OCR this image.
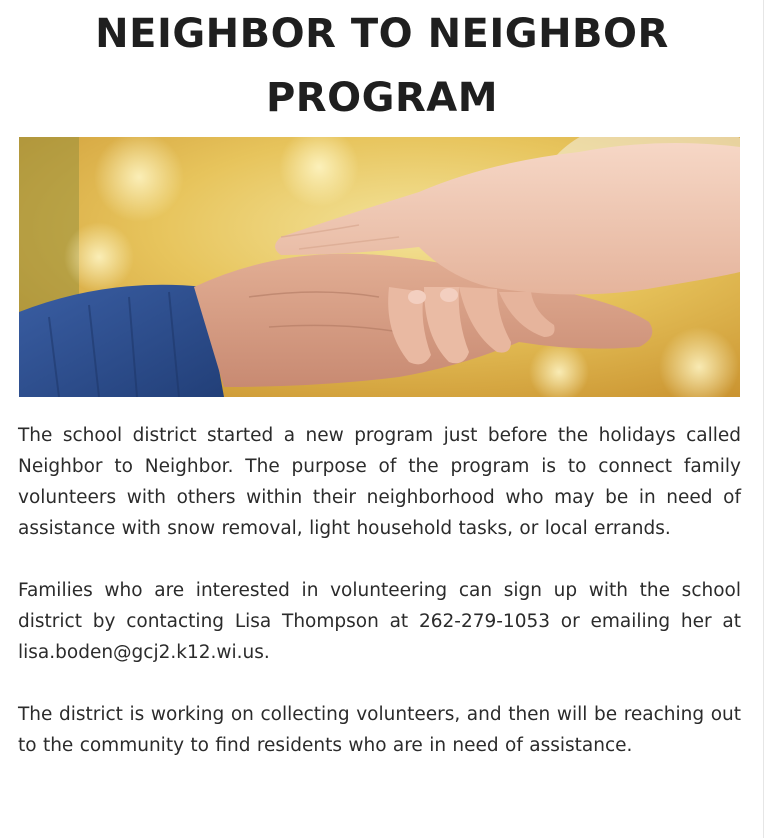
NEIGHBOR TO NEIGHBOR
PROGRAM

The school district started a new program just before the holidays called Neighbor to Neighbor. The purpose of the program is to connect family volunteers with others within their neighborhood who may be in need of assistance with snow removal, light household tasks, or local errands.

Families who are interested in volunteering can sign up with the school district by contacting Lisa Thompson at 262-279-1053 or emailing her at lisa.boden@gcj2.k12.wi.us.

The district is working on collecting volunteers, and then will be reaching out to the community to find residents who are in need of assistance.
